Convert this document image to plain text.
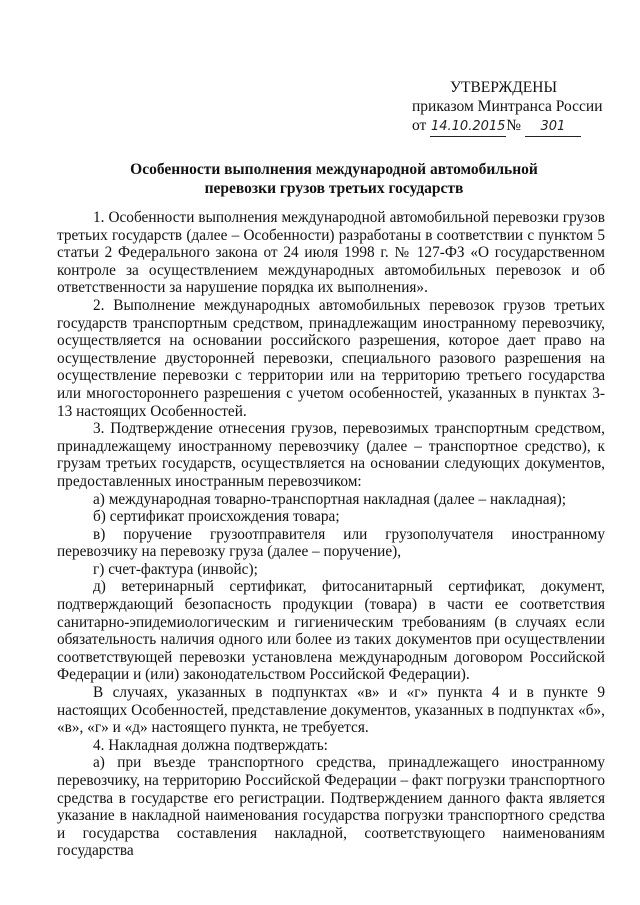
УТВЕРЖДЕНЫ
приказом Минтранса России
от 14.10.2015№ 301
Особенности выполнения международной автомобильной
перевозки грузов третьих государств

1. Особенности выполнения международной автомобильной перевозки грузов третьих государств (далее – Особенности) разработаны в соответствии с пунктом 5 статьи 2 Федерального закона от 24 июля 1998 г. № 127-ФЗ «О государственном контроле за осуществлением международных автомобильных перевозок и об ответственности за нарушение порядка их выполнения».

2. Выполнение международных автомобильных перевозок грузов третьих государств транспортным средством, принадлежащим иностранному перевозчику, осуществляется на основании российского разрешения, которое дает право на осуществление двусторонней перевозки, специального разового разрешения на осуществление перевозки с территории или на территорию третьего государства или многостороннего разрешения с учетом особенностей, указанных в пунктах 3-13 настоящих Особенностей.

3. Подтверждение отнесения грузов, перевозимых транспортным средством, принадлежащему иностранному перевозчику (далее – транспортное средство), к грузам третьих государств, осуществляется на основании следующих документов, предоставленных иностранным перевозчиком:

а) международная товарно-транспортная накладная (далее – накладная);

б) сертификат происхождения товара;

в) поручение грузоотправителя или грузополучателя иностранному перевозчику на перевозку груза (далее – поручение),

г) счет-фактура (инвойс);

д) ветеринарный сертификат, фитосанитарный сертификат, документ, подтверждающий безопасность продукции (товара) в части ее соответствия санитарно-эпидемиологическим и гигиеническим требованиям (в случаях если обязательность наличия одного или более из таких документов при осуществлении соответствующей перевозки установлена международным договором Российской Федерации и (или) законодательством Российской Федерации).

В случаях, указанных в подпунктах «в» и «г» пункта 4 и в пункте 9 настоящих Особенностей, представление документов, указанных в подпунктах «б», «в», «г» и «д» настоящего пункта, не требуется.

4. Накладная должна подтверждать:

а) при въезде транспортного средства, принадлежащего иностранному перевозчику, на территорию Российской Федерации – факт погрузки транспортного средства в государстве его регистрации. Подтверждением данного факта является указание в накладной наименования государства погрузки транспортного средства и государства составления накладной, соответствующего наименованиям государства
